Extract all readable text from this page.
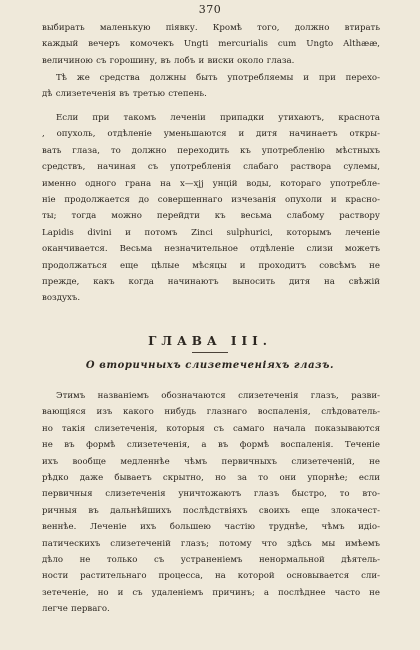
370
выбирать маленькую піявку. Кромѣ того, должно втирать
каждый вечеръ комочекъ Ungti mercurialis cum Ungto Althææ,
величиною съ горошину, въ лобъ и виски около глаза.
Тѣ же средства должны быть употребляемы и при перехо-
дѣ слизетеченія въ третью степень.
Если при такомъ леченіи припадки утихаютъ, краснота
, опухоль, отдѣленіе уменьшаются и дитя начинаетъ откры-
вать глаза, то должно переходить къ употребленію мѣстныхъ
средствъ, начиная съ употребленія слабаго раствора сулемы,
именно одного грана на x—xjj унцій воды, котораго употребле-
ніе продолжается до совершеннаго изчезанія опухоли и красно-
ты; тогда можно перейдти къ весьма слабому раствору
Lapidis divini и потомъ Zinci sulphurici, которымъ леченіе
оканчивается. Весьма незначительное отдѣленіе слизи можетъ
продолжаться еще цѣлые мѣсяцы и проходитъ совсѣмъ не
прежде, какъ когда начинаютъ выносить дитя на свѣжій
воздухъ.
ГЛАВА III.
О вторичныхъ слизетеченіяхъ глазъ.
Этимъ названіемъ обозначаются слизетеченія глазъ, разви-
вающіяся изъ какого нибудь глазнаго воспаленія, слѣдователь-
но такія слизетеченія, которыя съ самаго начала показываются
не въ формѣ слизетеченія, а въ формѣ воспаленія. Теченіе
ихъ вообще медленнѣе чѣмъ первичныхъ слизетеченій, не
рѣдко даже бываетъ скрытно, но за то они упорнѣе; если
первичныя слизетеченія уничтожаютъ глазъ быстро, то вто-
ричныя въ дальнѣйшихъ послѣдствіяхъ своихъ еще злокачест-
веннѣе. Леченіе ихъ большею частію труднѣе, чѣмъ идіо-
патическихъ слизетеченій глазъ; потому что здѣсь мы имѣемъ
дѣло не только съ устраненіемъ ненормальной дѣятель-
ности растительнаго процесса, на которой основывается сли-
зетеченіе, но и съ удаленіемъ причинъ; а послѣднее часто не
легче перваго.
